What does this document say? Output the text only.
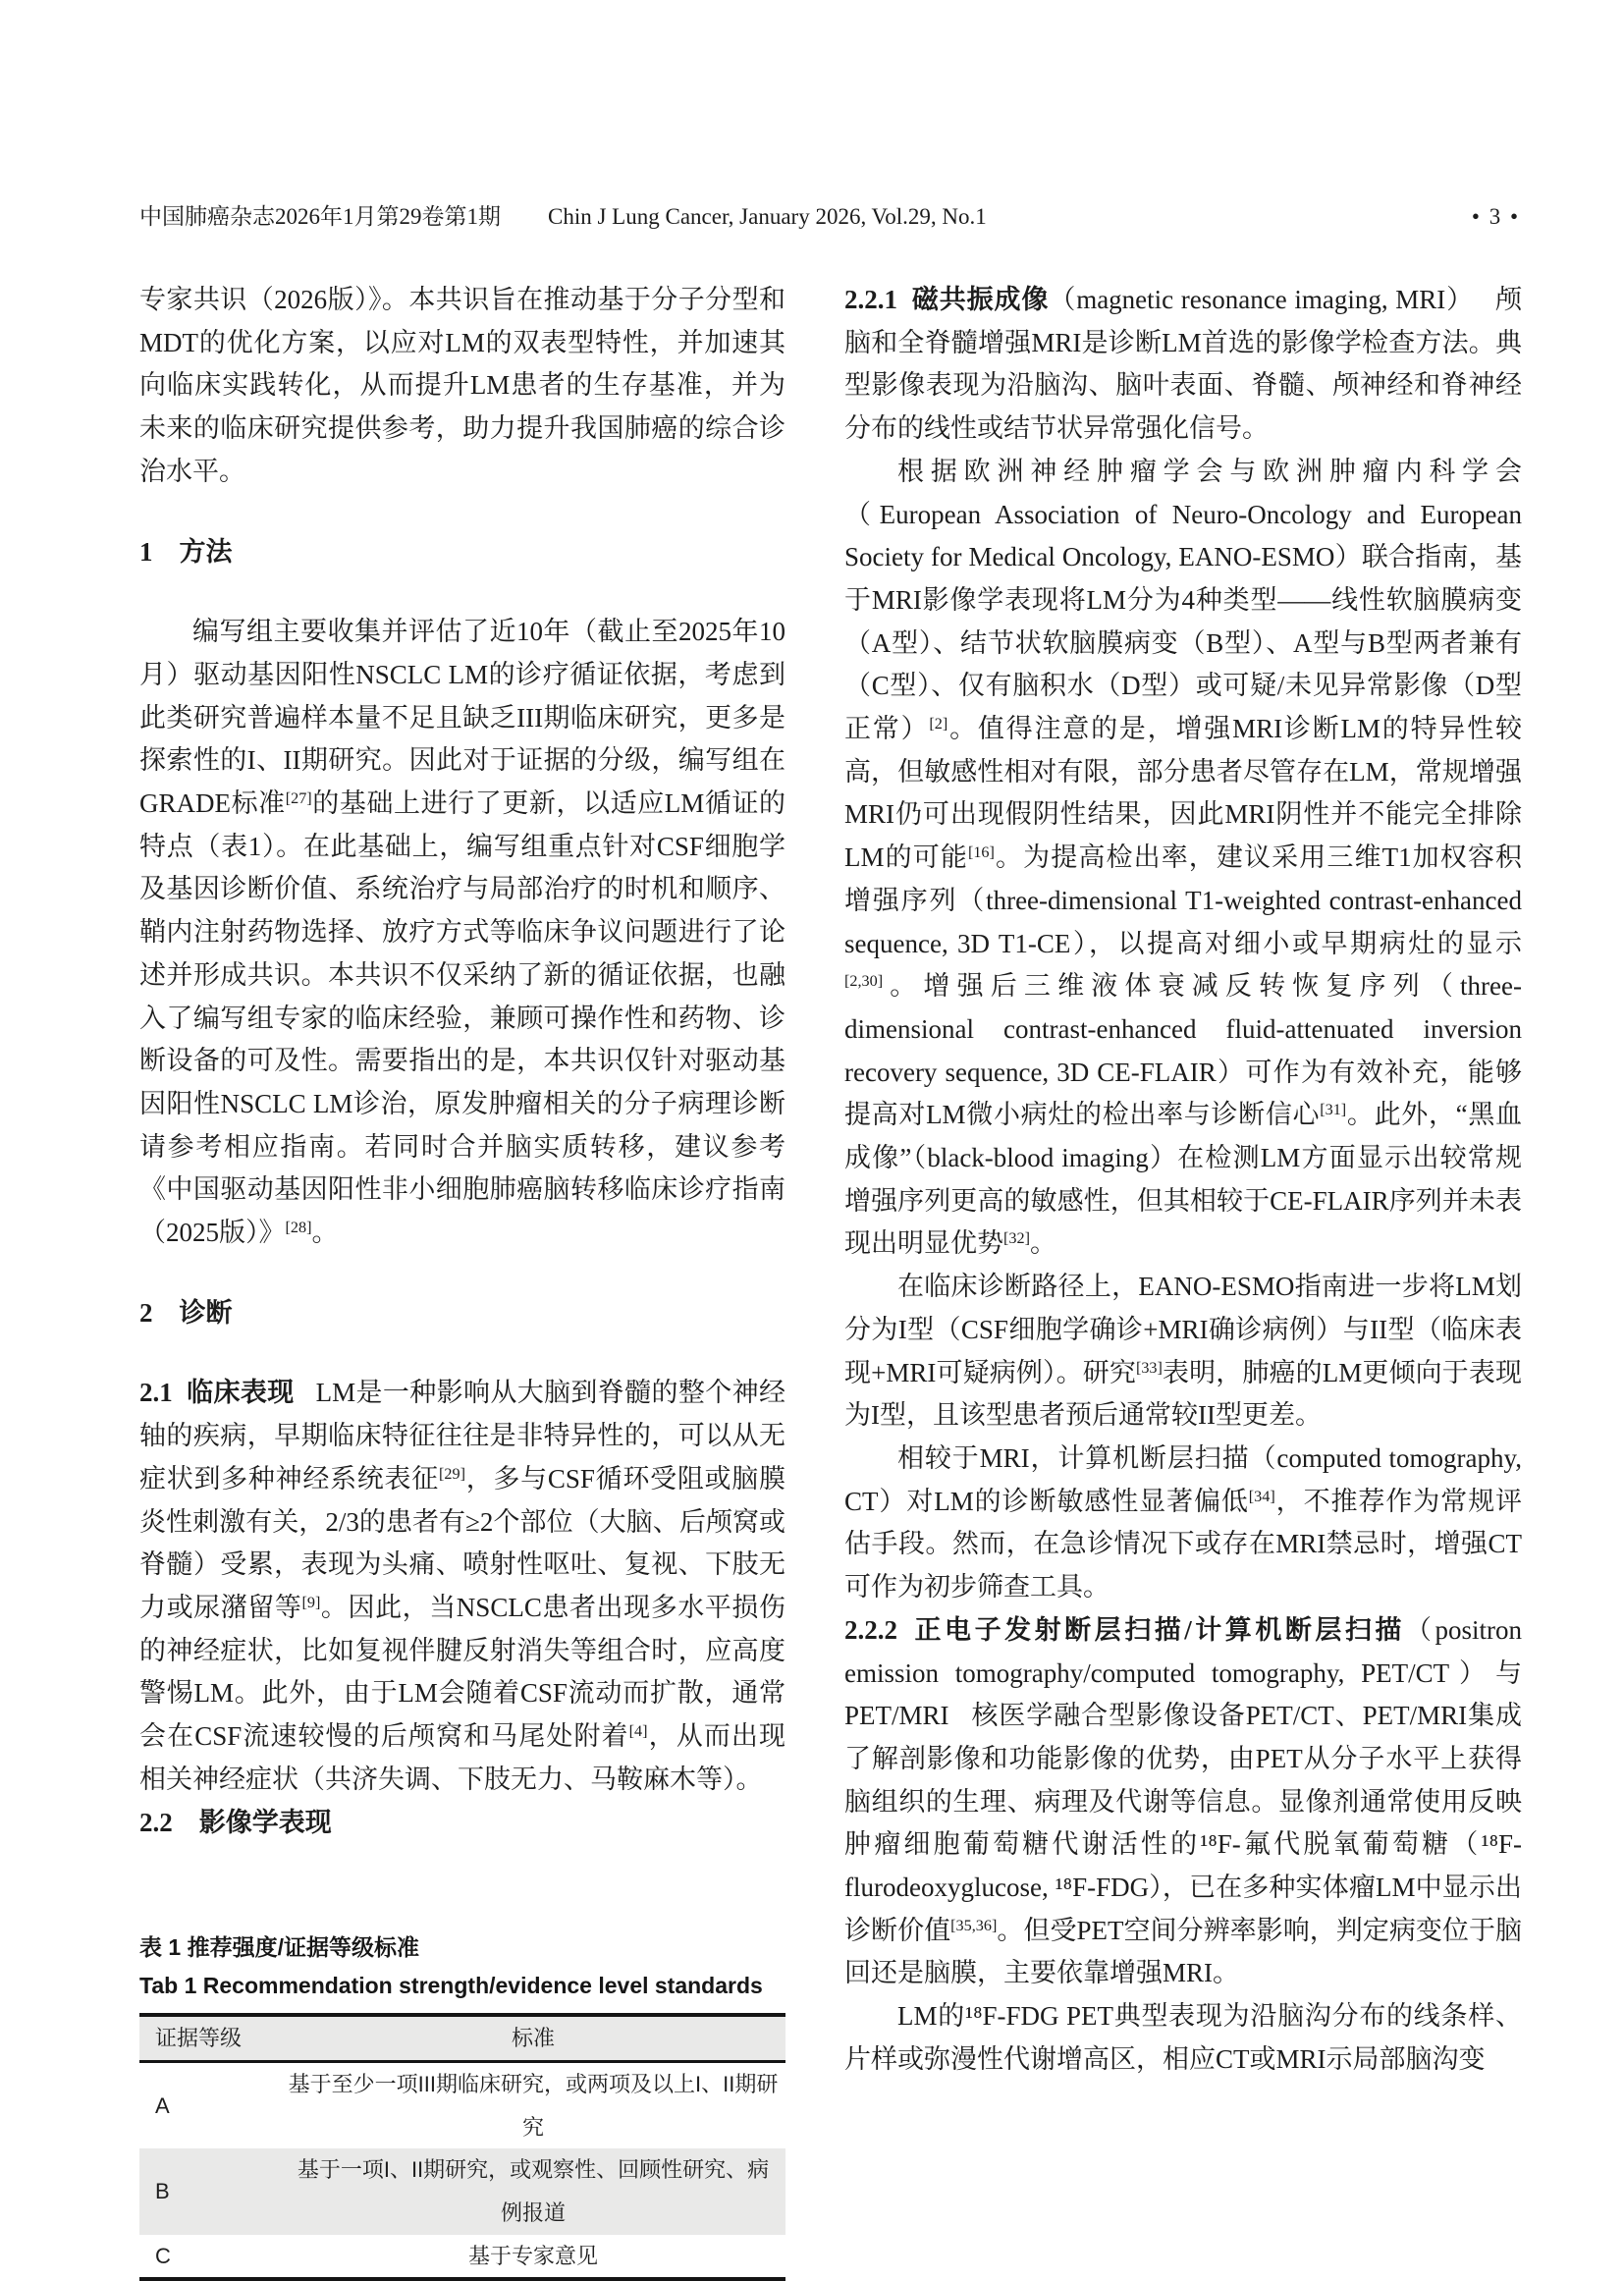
中国肺癌杂志2026年1月第29卷第1期 Chin J Lung Cancer, January 2026, Vol.29, No.1	• 3 •

专家共识（2026版）》。本共识旨在推动基于分子分型和MDT的优化方案，以应对LM的双表型特性，并加速其向临床实践转化，从而提升LM患者的生存基准，并为未来的临床研究提供参考，助力提升我国肺癌的综合诊治水平。

1　方法

编写组主要收集并评估了近10年（截止至2025年10月）驱动基因阳性NSCLC LM的诊疗循证依据，考虑到此类研究普遍样本量不足且缺乏III期临床研究，更多是探索性的I、II期研究。因此对于证据的分级，编写组在GRADE标准[27]的基础上进行了更新，以适应LM循证的特点（表1）。在此基础上，编写组重点针对CSF细胞学及基因诊断价值、系统治疗与局部治疗的时机和顺序、鞘内注射药物选择、放疗方式等临床争议问题进行了论述并形成共识。本共识不仅采纳了新的循证依据，也融入了编写组专家的临床经验，兼顾可操作性和药物、诊断设备的可及性。需要指出的是，本共识仅针对驱动基因阳性NSCLC LM诊治，原发肿瘤相关的分子病理诊断请参考相应指南。若同时合并脑实质转移，建议参考《中国驱动基因阳性非小细胞肺癌脑转移临床诊疗指南（2025版）》[28]。

2　诊断

2.1 临床表现 LM是一种影响从大脑到脊髓的整个神经轴的疾病，早期临床特征往往是非特异性的，可以从无症状到多种神经系统表征[29]，多与CSF循环受阻或脑膜炎性刺激有关，2/3的患者有≥2个部位（大脑、后颅窝或脊髓）受累，表现为头痛、喷射性呕吐、复视、下肢无力或尿潴留等[9]。因此，当NSCLC患者出现多水平损伤的神经症状，比如复视伴腱反射消失等组合时，应高度警惕LM。此外，由于LM会随着CSF流动而扩散，通常会在CSF流速较慢的后颅窝和马尾处附着[4]，从而出现相关神经症状（共济失调、下肢无力、马鞍麻木等）。

2.2　影像学表现

表 1 推荐强度/证据等级标准
Tab 1 Recommendation strength/evidence level standards
证据等级	标准
A	基于至少一项III期临床研究，或两项及以上I、II期研究
B	基于一项I、II期研究，或观察性、回顾性研究、病例报道
C	基于专家意见

2.2.1 磁共振成像（magnetic resonance imaging, MRI） 颅脑和全脊髓增强MRI是诊断LM首选的影像学检查方法。典型影像表现为沿脑沟、脑叶表面、脊髓、颅神经和脊神经分布的线性或结节状异常强化信号。

根据欧洲神经肿瘤学会与欧洲肿瘤内科学会（European Association of Neuro-Oncology and European Society for Medical Oncology, EANO-ESMO）联合指南，基于MRI影像学表现将LM分为4种类型——线性软脑膜病变（A型）、结节状软脑膜病变（B型）、A型与B型两者兼有（C型）、仅有脑积水（D型）或可疑/未见异常影像（D型正常）[2]。值得注意的是，增强MRI诊断LM的特异性较高，但敏感性相对有限，部分患者尽管存在LM，常规增强MRI仍可出现假阴性结果，因此MRI阴性并不能完全排除LM的可能[16]。为提高检出率，建议采用三维T1加权容积增强序列（three-dimensional T1-weighted contrast-enhanced sequence, 3D T1-CE），以提高对细小或早期病灶的显示[2,30]。增强后三维液体衰减反转恢复序列（three-dimensional contrast-enhanced fluid-attenuated inversion recovery sequence, 3D CE-FLAIR）可作为有效补充，能够提高对LM微小病灶的检出率与诊断信心[31]。此外，“黑血成像”（black-blood imaging）在检测LM方面显示出较常规增强序列更高的敏感性，但其相较于CE-FLAIR序列并未表现出明显优势[32]。

在临床诊断路径上，EANO-ESMO指南进一步将LM划分为I型（CSF细胞学确诊+MRI确诊病例）与II型（临床表现+MRI可疑病例）。研究[33]表明，肺癌的LM更倾向于表现为I型，且该型患者预后通常较II型更差。

相较于MRI，计算机断层扫描（computed tomography, CT）对LM的诊断敏感性显著偏低[34]，不推荐作为常规评估手段。然而，在急诊情况下或存在MRI禁忌时，增强CT可作为初步筛查工具。

2.2.2 正电子发射断层扫描/计算机断层扫描（positron emission tomography/computed tomography, PET/CT）与PET/MRI 核医学融合型影像设备PET/CT、PET/MRI集成了解剖影像和功能影像的优势，由PET从分子水平上获得脑组织的生理、病理及代谢等信息。显像剂通常使用反映肿瘤细胞葡萄糖代谢活性的¹⁸F-氟代脱氧葡萄糖（¹⁸F-flurodeoxyglucose, ¹⁸F-FDG），已在多种实体瘤LM中显示出诊断价值[35,36]。但受PET空间分辨率影响，判定病变位于脑回还是脑膜，主要依靠增强MRI。

LM的¹⁸F-FDG PET典型表现为沿脑沟分布的线条样、片样或弥漫性代谢增高区，相应CT或MRI示局部脑沟变
